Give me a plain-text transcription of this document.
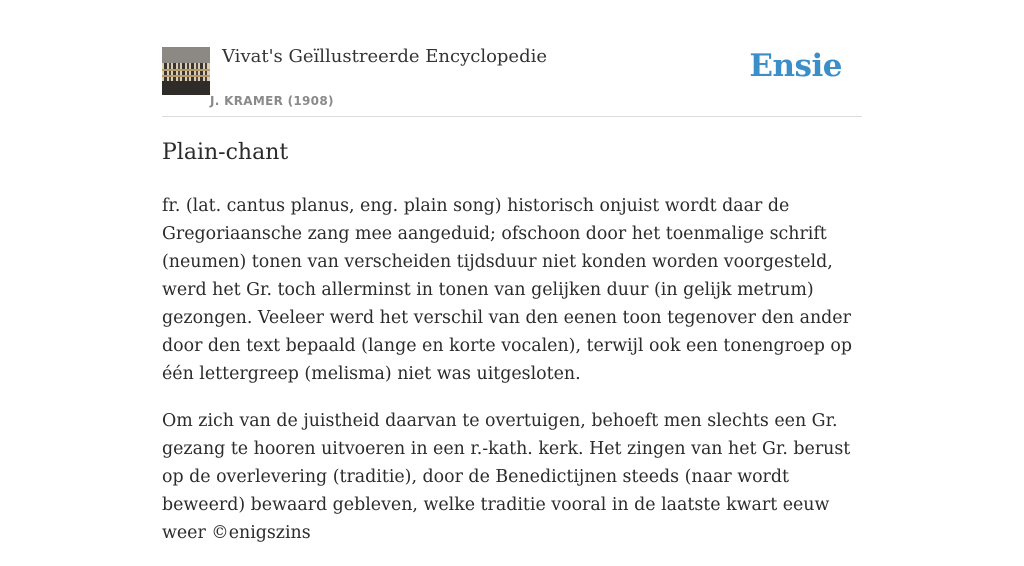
Vivat's Geïllustreerde Encyclopedie
J. KRAMER (1908)
Ensie
Plain-chant

fr. (lat. cantus planus, eng. plain song) historisch onjuist wordt daar de Gregoriaansche zang mee aangeduid; ofschoon door het toenmalige schrift (neumen) tonen van verscheiden tijdsduur niet konden worden voorgesteld, werd het Gr. toch allerminst in tonen van gelijken duur (in gelijk metrum) gezongen. Veeleer werd het verschil van den eenen toon tegenover den ander door den text bepaald (lange en korte vocalen), terwijl ook een tonengroep op één lettergreep (melisma) niet was uitgesloten.

Om zich van de juistheid daarvan te overtuigen, behoeft men slechts een Gr. gezang te hooren uitvoeren in een r.-kath. kerk. Het zingen van het Gr. berust op de overlevering (traditie), door de Benedictijnen steeds (naar wordt beweerd) bewaard gebleven, welke traditie vooral in de laatste kwart eeuw weer ©enigszins
